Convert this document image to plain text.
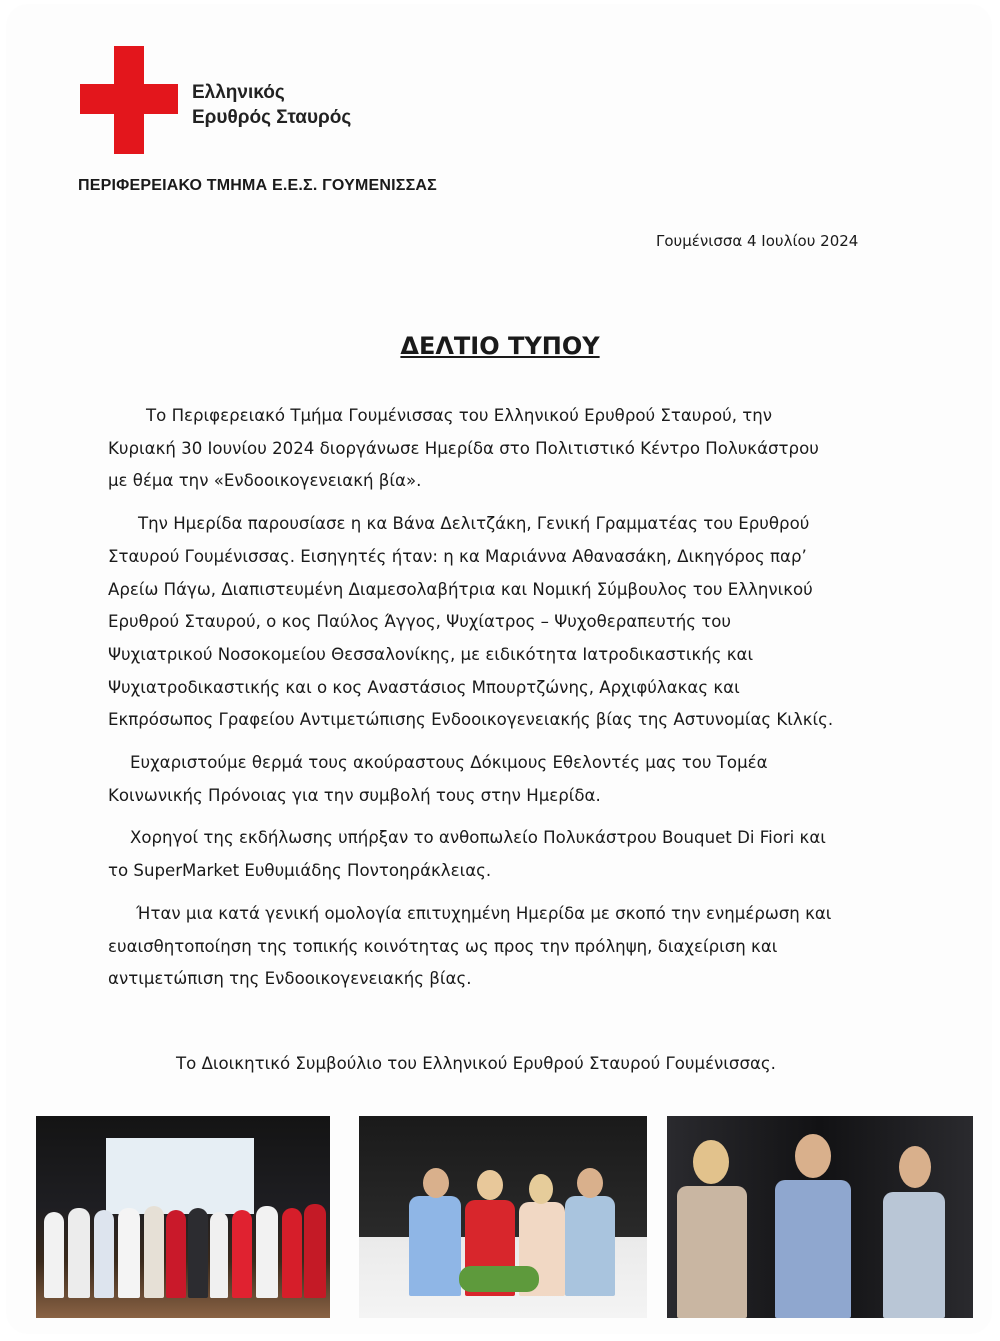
Ελληνικός
Ερυθρός Σταυρός
ΠΕΡΙΦΕΡΕΙΑΚΟ ΤΜΗΜΑ Ε.Ε.Σ. ΓΟΥΜΕΝΙΣΣΑΣ
Γουμένισσα 4 Ιουλίου 2024
ΔΕΛΤΙΟ ΤΥΠΟΥ

Το Περιφερειακό Τμήμα Γουμένισσας του Ελληνικού Ερυθρού Σταυρού, την

Κυριακή 30 Ιουνίου 2024 διοργάνωσε Ημερίδα στο Πολιτιστικό Κέντρο Πολυκάστρου

με θέμα την «Ενδοοικογενειακή βία».

Την Ημερίδα παρουσίασε η κα Βάνα Δελιτζάκη, Γενική Γραμματέας του Ερυθρού

Σταυρού Γουμένισσας. Εισηγητές ήταν: η κα Μαριάννα Αθανασάκη, Δικηγόρος παρ’

Αρείω Πάγω, Διαπιστευμένη Διαμεσολαβήτρια και Νομική Σύμβουλος του Ελληνικού

Ερυθρού Σταυρού, ο κος Παύλος Άγγος, Ψυχίατρος – Ψυχοθεραπευτής του

Ψυχιατρικού Νοσοκομείου Θεσσαλονίκης, με ειδικότητα Ιατροδικαστικής και

Ψυχιατροδικαστικής και ο κος Αναστάσιος Μπουρτζώνης, Αρχιφύλακας και

Εκπρόσωπος Γραφείου Αντιμετώπισης Ενδοοικογενειακής βίας της Αστυνομίας Κιλκίς.

Ευχαριστούμε θερμά τους ακούραστους Δόκιμους Εθελοντές μας του Τομέα

Κοινωνικής Πρόνοιας για την συμβολή τους στην Ημερίδα.

Χορηγοί της εκδήλωσης υπήρξαν το ανθοπωλείο Πολυκάστρου Bouquet Di Fiori και

το SuperMarket Ευθυμιάδης Ποντοηράκλειας.

Ήταν μια κατά γενική ομολογία επιτυχημένη Ημερίδα με σκοπό την ενημέρωση και

ευαισθητοποίηση της τοπικής κοινότητας ως προς την πρόληψη, διαχείριση και

αντιμετώπιση της Ενδοοικογενειακής βίας.

Το Διοικητικό Συμβούλιο του Ελληνικού Ερυθρού Σταυρού Γουμένισσας.
